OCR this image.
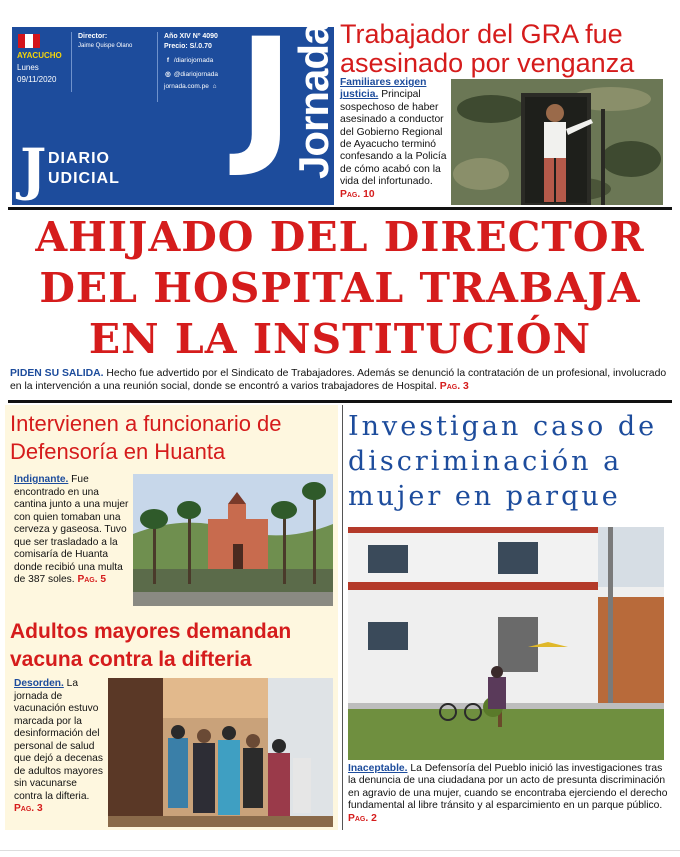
AYACUCHO
Lunes
09/11/2020
Director:
Jaime Quispe Olano
Año XIV Nº 4090
Precio: S/.0.70
f /diariojornada
◎ @diariojornada
jornada.com.pe ⌂
J DIARIO
UDICIAL J
Jornada Trabajador del GRA fue asesinado por venganza
Familiares exigen justicia. Principal sospechoso de haber asesinado a conductor del Gobierno Regional de Ayacucho terminó confesando a la Policía de cómo acabó con la vida del infortunado. Pag. 10
AHIJADO DEL DIRECTOR
DEL HOSPITAL TRABAJA
EN LA INSTITUCIÓN
PIDEN SU SALIDA. Hecho fue advertido por el Sindicato de Trabajadores. Además se denunció la contratación de un profesional, involucrado en la intervención a una reunión social, donde se encontró a varios trabajadores de Hospital. Pag. 3
Intervienen a funcionario de Defensoría en Huanta
Indignante. Fue encontrado en una cantina junto a una mujer con quien tomaban una cerveza y gaseosa. Tuvo que ser trasladado a la comisaría de Huanta donde recibió una multa de 387 soles. Pag. 5
Adultos mayores demandan vacuna contra la difteria
Desorden. La jornada de vacunación estuvo marcada por la desinformación del personal de salud que dejó a decenas de adultos mayores sin vacunarse contra la difteria. Pag. 3
Investigan caso de discriminación a mujer en parque
Inaceptable. La Defensoría del Pueblo inició las investigaciones tras la denuncia de una ciudadana por un acto de presunta discriminación en agravio de una mujer, cuando se encontraba ejerciendo el derecho fundamental al libre tránsito y al esparcimiento en un parque público. Pag. 2
